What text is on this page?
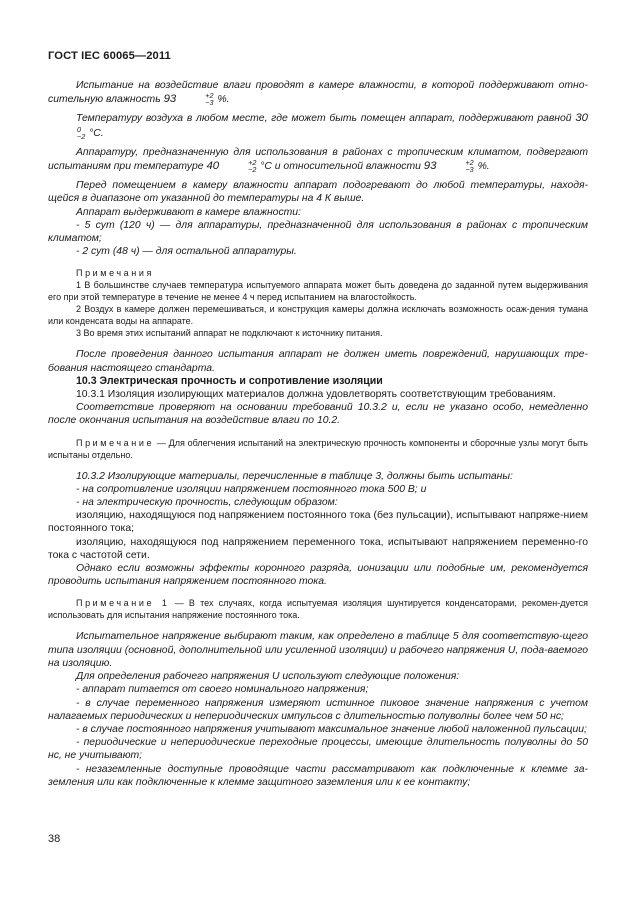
ГОСТ IEC 60065—2011

Испытание на воздействие влаги проводят в камере влажности, в которой поддерживают отно-сительную влажность 93	+2
−3 %.

Температуру воздуха в любом месте, где может быть помещен аппарат, поддерживают равной 30
0
−2 °С.

Аппаратуру, предназначенную для использования в районах с тропическим климатом, подвергают испытаниям при температуре 40	+2
−2 °С и относительной влажности 93	+2
−3 %.

Перед помещением в камеру влажности аппарат подогревают до любой температуры, находя-щейся в диапазоне от указанной до температуры на 4 К выше.

Аппарат выдерживают в камере влажности:

- 5 сут (120 ч) — для аппаратуры, предназначенной для использования в районах с тропическим климатом;

- 2 сут (48 ч) — для остальной аппаратуры.

Примечания

1 В большинстве случаев температура испытуемого аппарата может быть доведена до заданной путем выдерживания его при этой температуре в течение не менее 4 ч перед испытанием на влагостойкость.

2 Воздух в камере должен перемешиваться, и конструкция камеры должна исключать возможность осаж-дения тумана или конденсата воды на аппарате.

3 Во время этих испытаний аппарат не подключают к источнику питания.

После проведения данного испытания аппарат не должен иметь повреждений, нарушающих тре-бования настоящего стандарта.

10.3 Электрическая прочность и сопротивление изоляции

10.3.1 Изоляция изолирующих материалов должна удовлетворять соответствующим требованиям.

Соответствие проверяют на основании требований 10.3.2 и, если не указано особо, немедленно после окончания испытания на воздействие влаги по 10.2.

Примечание — Для облегчения испытаний на электрическую прочность компоненты и сборочные узлы могут быть испытаны отдельно.

10.3.2 Изолирующие материалы, перечисленные в таблице 3, должны быть испытаны:

- на сопротивление изоляции напряжением постоянного тока 500 В; и

- на электрическую прочность, следующим образом:

изоляцию, находящуюся под напряжением постоянного тока (без пульсации), испытывают напряже-нием постоянного тока;

изоляцию, находящуюся под напряжением переменного тока, испытывают напряжением переменно-го тока с частотой сети.

Однако если возможны эффекты коронного разряда, ионизации или подобные им, рекомендуется проводить испытания напряжением постоянного тока.

Примечание 1 — В тех случаях, когда испытуемая изоляция шунтируется конденсаторами, рекомен-дуется использовать для испытания напряжение постоянного тока.

Испытательное напряжение выбирают таким, как определено в таблице 5 для соответствую-щего типа изоляции (основной, дополнительной или усиленной изоляции) и рабочего напряжения U, пода-ваемого на изоляцию.

Для определения рабочего напряжения U используют следующие положения:

- аппарат питается от своего номинального напряжения;

- в случае переменного напряжения измеряют истинное пиковое значение напряжения с учетом налагаемых периодических и непериодических импульсов с длительностью полуволны более чем 50 нс;

- в случае постоянного напряжения учитывают максимальное значение любой наложенной пульсации;

- периодические и непериодические переходные процессы, имеющие длительность полуволны до 50 нс, не учитывают;

- незаземленные доступные проводящие части рассматривают как подключенные к клемме за-земления или как подключенные к клемме защитного заземления или к ее контакту;

38
